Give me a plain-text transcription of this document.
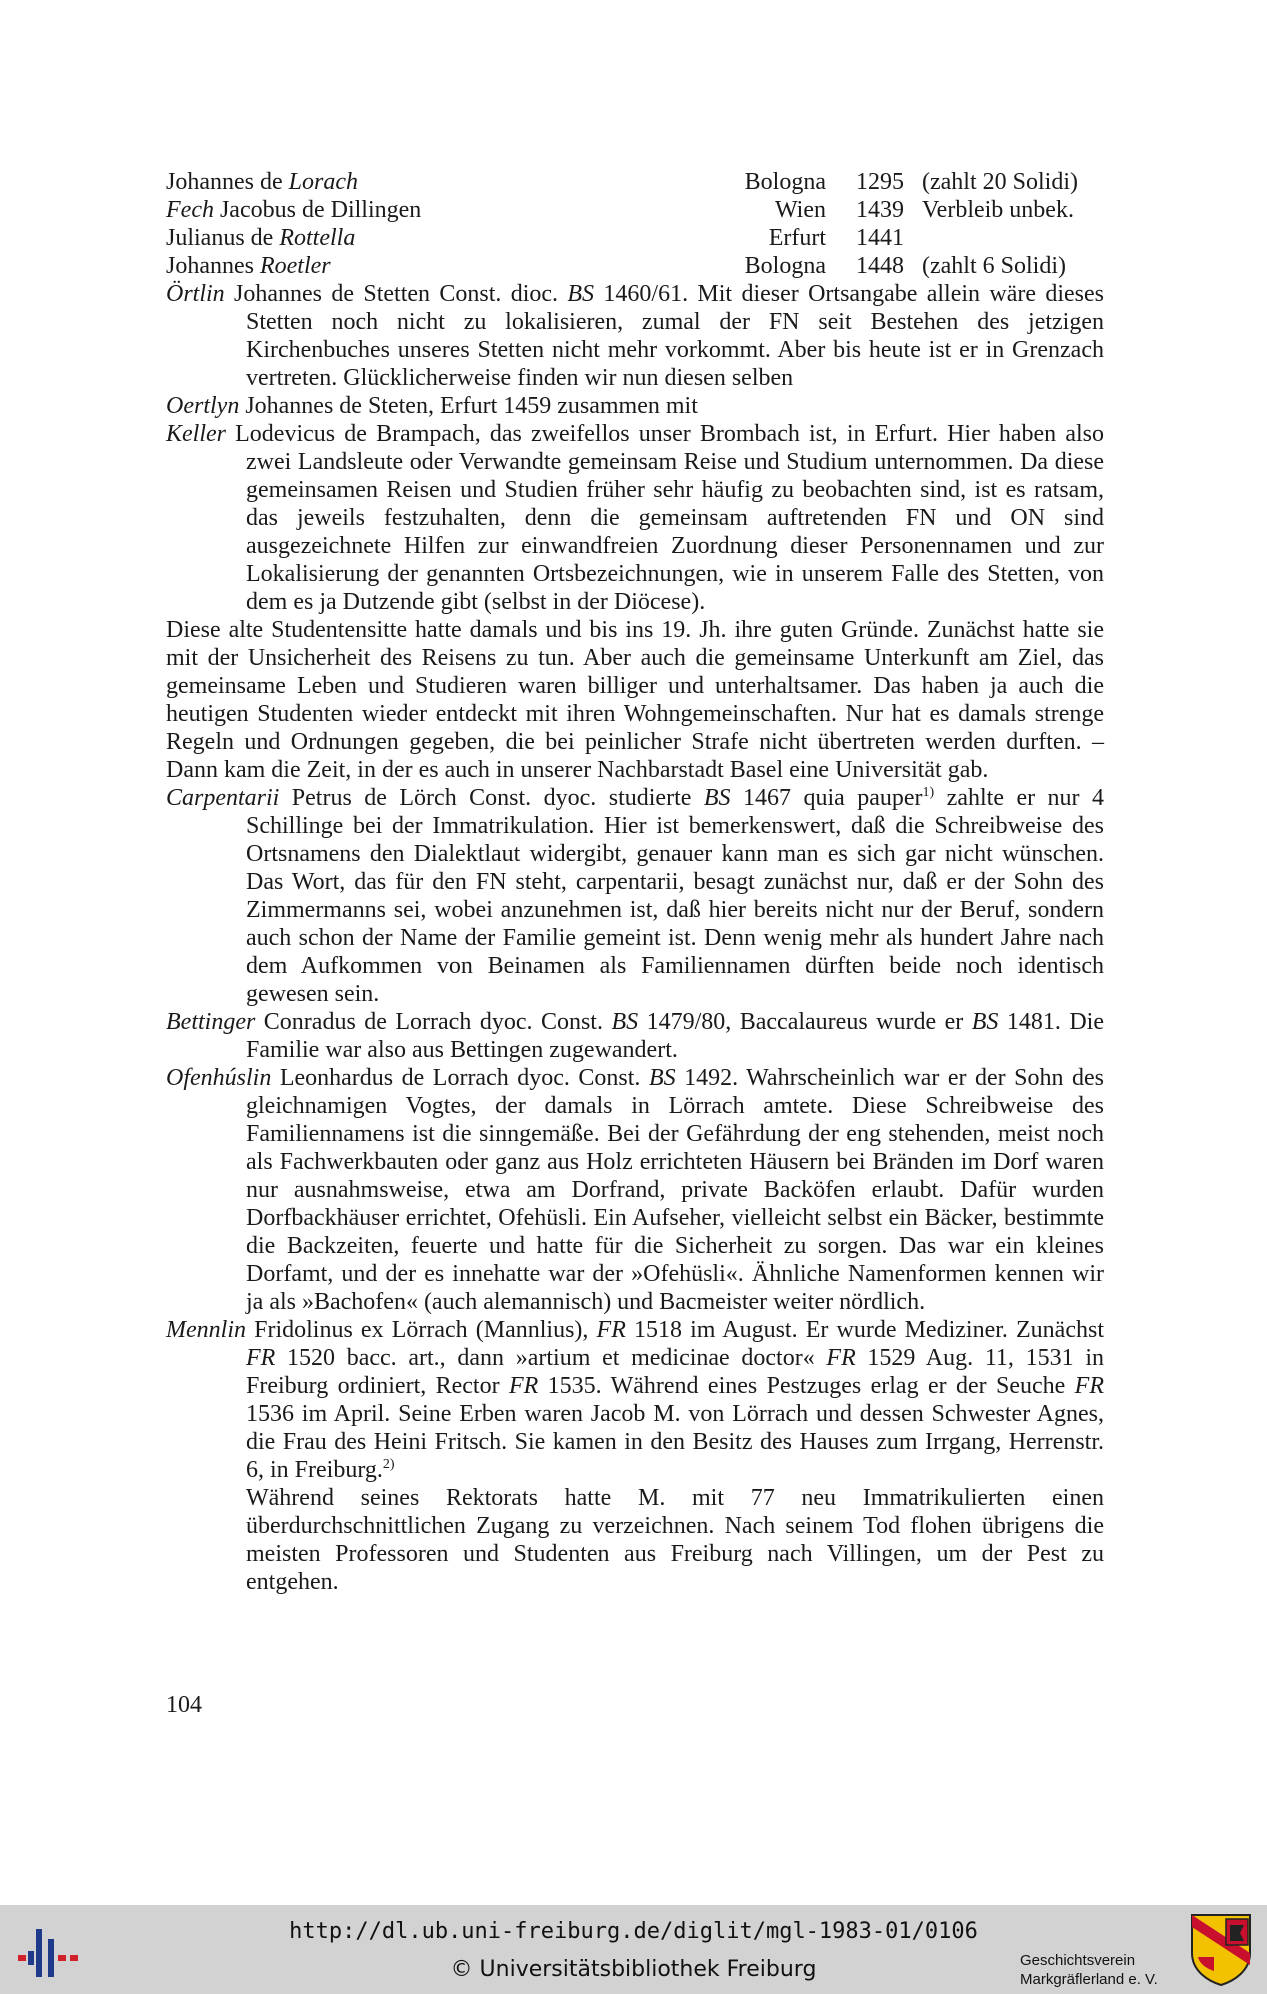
Johannes de Lorach	Bologna 1295 (zahlt 20 Solidi)
Fech Jacobus de Dillingen	Wien 1439 Verbleib unbek.
Julianus de Rottella	Erfurt 1441
Johannes Roetler	Bologna 1448 (zahlt 6 Solidi)
Örtlin Johannes de Stetten Const. dioc. BS 1460/61. Mit dieser Ortsangabe allein wäre dieses Stetten noch nicht zu lokalisieren, zumal der FN seit Bestehen des jetzigen Kirchenbuches unseres Stetten nicht mehr vorkommt. Aber bis heute ist er in Grenzach vertreten. Glücklicherweise finden wir nun diesen selben
Oertlyn Johannes de Steten, Erfurt 1459 zusammen mit
Keller Lodevicus de Brampach, das zweifellos unser Brombach ist, in Erfurt. Hier haben also zwei Landsleute oder Verwandte gemeinsam Reise und Studium unternommen. Da diese gemeinsamen Reisen und Studien früher sehr häufig zu beobachten sind, ist es ratsam, das jeweils festzuhalten, denn die gemeinsam auftretenden FN und ON sind ausgezeichnete Hilfen zur einwandfreien Zuordnung dieser Personennamen und zur Lokalisierung der genannten Ortsbezeichnungen, wie in unserem Falle des Stetten, von dem es ja Dutzende gibt (selbst in der Diöcese).

Diese alte Studentensitte hatte damals und bis ins 19. Jh. ihre guten Gründe. Zunächst hatte sie mit der Unsicherheit des Reisens zu tun. Aber auch die gemeinsame Unterkunft am Ziel, das gemeinsame Leben und Studieren waren billiger und unterhaltsamer. Das haben ja auch die heutigen Studenten wieder entdeckt mit ihren Wohngemeinschaften. Nur hat es damals strenge Regeln und Ordnungen gegeben, die bei peinlicher Strafe nicht übertreten werden durften. – Dann kam die Zeit, in der es auch in unserer Nachbarstadt Basel eine Universität gab.

Carpentarii Petrus de Lörch Const. dyoc. studierte BS 1467 quia pauper$^{1)}$ zahlte er nur 4 Schillinge bei der Immatrikulation. Hier ist bemerkenswert, daß die Schreibweise des Ortsnamens den Dialektlaut widergibt, genauer kann man es sich gar nicht wünschen. Das Wort, das für den FN steht, carpentarii, besagt zunächst nur, daß er der Sohn des Zimmermanns sei, wobei anzunehmen ist, daß hier bereits nicht nur der Beruf, sondern auch schon der Name der Familie gemeint ist. Denn wenig mehr als hundert Jahre nach dem Aufkommen von Beinamen als Familiennamen dürften beide noch identisch gewesen sein.
Bettinger Conradus de Lorrach dyoc. Const. BS 1479/80, Baccalaureus wurde er BS 1481. Die Familie war also aus Bettingen zugewandert.
Ofenhúslin Leonhardus de Lorrach dyoc. Const. BS 1492. Wahrscheinlich war er der Sohn des gleichnamigen Vogtes, der damals in Lörrach amtete. Diese Schreibweise des Familiennamens ist die sinngemäße. Bei der Gefährdung der eng stehenden, meist noch als Fachwerkbauten oder ganz aus Holz errichteten Häusern bei Bränden im Dorf waren nur ausnahmsweise, etwa am Dorfrand, private Backöfen erlaubt. Dafür wurden Dorfbackhäuser errichtet, Ofehüsli. Ein Aufseher, vielleicht selbst ein Bäcker, bestimmte die Backzeiten, feuerte und hatte für die Sicherheit zu sorgen. Das war ein kleines Dorfamt, und der es innehatte war der »Ofehüsli«. Ähnliche Namenformen kennen wir ja als »Bachofen« (auch alemannisch) und Bacmeister weiter nördlich.
Mennlin Fridolinus ex Lörrach (Mannlius), FR 1518 im August. Er wurde Mediziner. Zunächst FR 1520 bacc. art., dann »artium et medicinae doctor« FR 1529 Aug. 11, 1531 in Freiburg ordiniert, Rector FR 1535. Während eines Pestzuges erlag er der Seuche FR 1536 im April. Seine Erben waren Jacob M. von Lörrach und dessen Schwester Agnes, die Frau des Heini Fritsch. Sie kamen in den Besitz des Hauses zum Irrgang, Herrenstr. 6, in Freiburg.$^{2)}$
Während seines Rektorats hatte M. mit 77 neu Immatrikulierten einen überdurchschnittlichen Zugang zu verzeichnen. Nach seinem Tod flohen übrigens die meisten Professoren und Studenten aus Freiburg nach Villingen, um der Pest zu entgehen.
104
http://dl.ub.uni-freiburg.de/diglit/mgl-1983-01/0106
© Universitätsbibliothek Freiburg	Geschichtsverein
Markgräflerland e. V.
